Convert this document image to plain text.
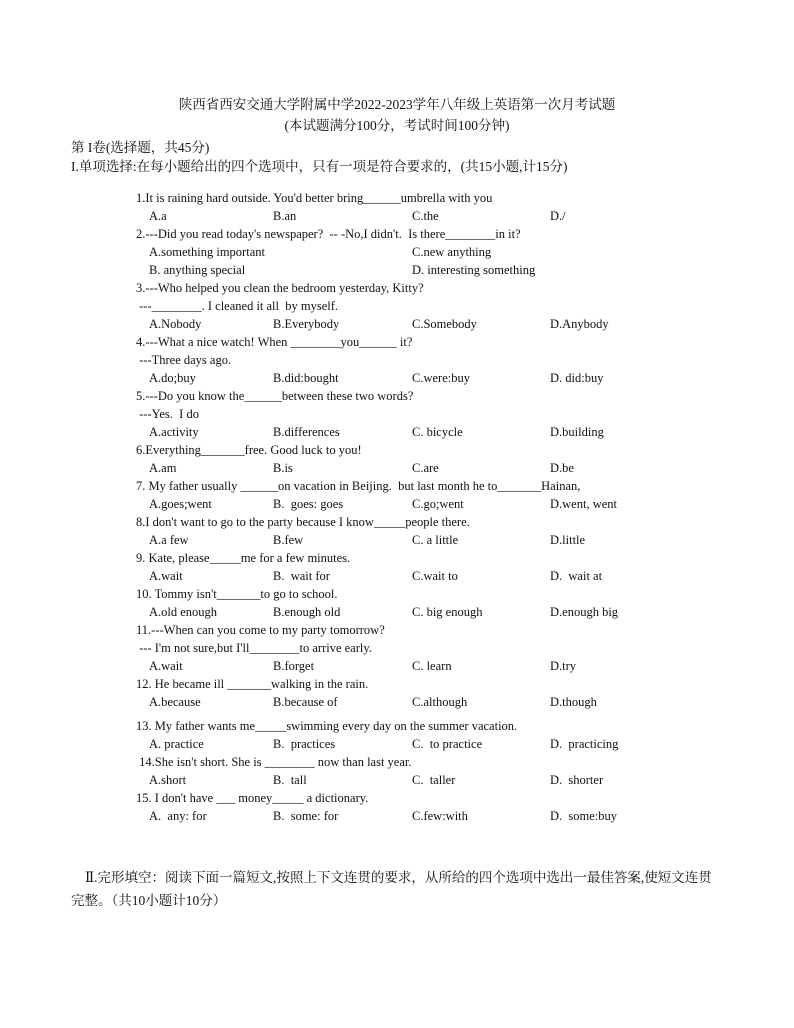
陕西省西安交通大学附属中学2022-2023学年八年级上英语第一次月考试题
(本试题满分100分，考试时间100分钟)
第 I卷(选择题，共45分)
I.单项选择:在每小题给出的四个选项中，只有一项是符合要求的，(共15小题,计15分)
1.It is raining hard outside. You'd better bring______umbrella with you
A.a	B.an	C.the	D./
2.---Did you read today's newspaper?  -- -No,I didn't.  Is there________in it?
A.something important	C.new anything
B. anything special	D. interesting something
3.---Who helped you clean the bedroom yesterday, Kitty?
---________. I cleaned it all  by myself.
A.Nobody	B.Everybody	C.Somebody	D.Anybody
4.---What a nice watch! When ________you______ it?
---Three days ago.
A.do;buy	B.did:bought	C.were:buy	D. did:buy
5.---Do you know the______between these two words?
---Yes.  I do
A.activity	B.differences	C. bicycle	D.building
6.Everything_______free. Good luck to you!
A.am	B.is	C.are	D.be
7. My father usually ______on vacation in Beijing.  but last month he to_______Hainan,
A.goes;went	B.  goes: goes	C.go;went	D.went, went
8.I don't want to go to the party because I know_____people there.
A.a few	B.few	C. a little	D.little
9. Kate, please_____me for a few minutes.
A.wait	B.  wait for	C.wait to	D.  wait at
10. Tommy isn't_______to go to school.
A.old enough	B.enough old	C. big enough	D.enough big
11.---When can you come to my party tomorrow?
--- I'm not sure,but I'll________to arrive early.
A.wait	B.forget	C. learn	D.try
12. He became ill _______walking in the rain.
A.because	B.because of	C.although	D.though
13. My father wants me_____swimming every day on the summer vacation.
A. practice	B.  practices	C.  to practice	D.  practicing
14.She isn't short. She is ________ now than last year.
A.short	B.  tall	C.  taller	D.  shorter
15. I don't have ___ money_____ a dictionary.
A.  any: for	B.  some: for	C.few:with	D.  some:buy
Ⅱ.完形填空：阅读下面一篇短文,按照上下文连贯的要求，从所给的四个选项中选出一最佳答案,使短文连贯
完整。（共10小题计10分）
